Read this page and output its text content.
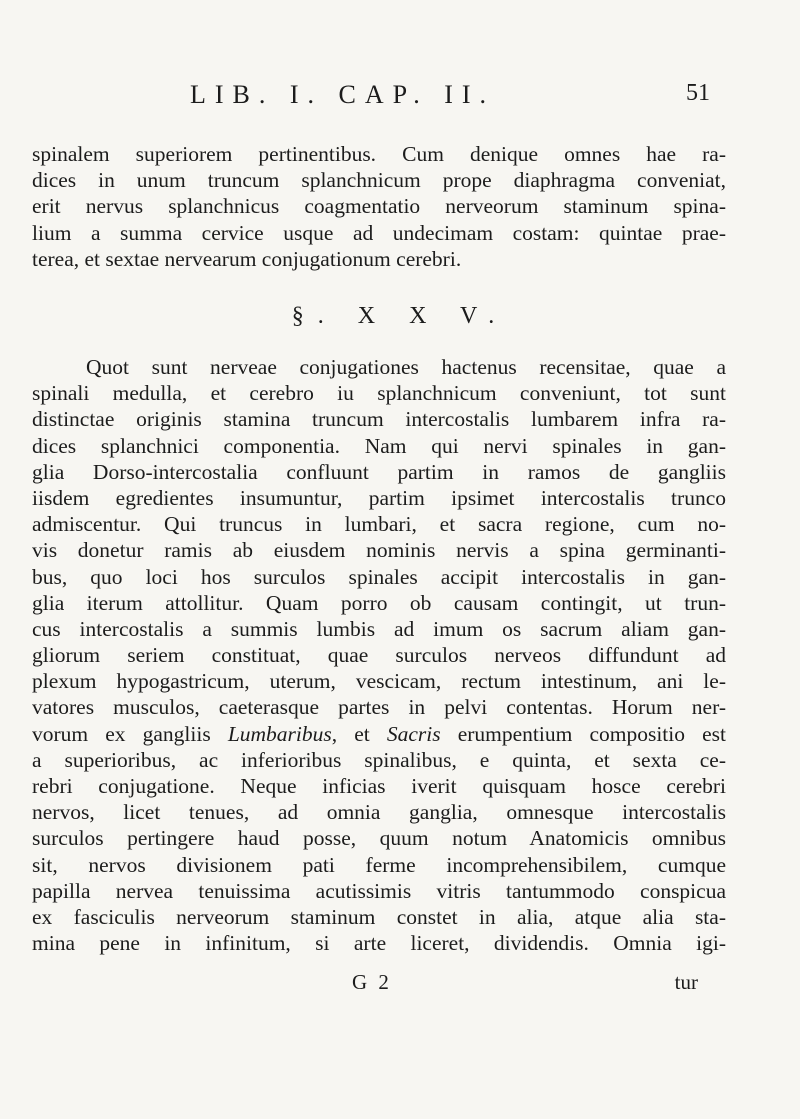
LIB. I. CAP. II.	51
spinalem superiorem pertinentibus. Cum denique omnes hae ra-
dices in unum truncum splanchnicum prope diaphragma conveniat,
erit nervus splanchnicus coagmentatio nerveorum staminum spina-
lium a summa cervice usque ad undecimam costam: quintae prae-
terea, et sextae nervearum conjugationum cerebri.
§. X X V.
Quot sunt nerveae conjugationes hactenus recensitae, quae a
spinali medulla, et cerebro iu splanchnicum conveniunt, tot sunt
distinctae originis stamina truncum intercostalis lumbarem infra ra-
dices splanchnici componentia. Nam qui nervi spinales in gan-
glia Dorso-intercostalia confluunt partim in ramos de gangliis
iisdem egredientes insumuntur, partim ipsimet intercostalis trunco
admiscentur. Qui truncus in lumbari, et sacra regione, cum no-
vis donetur ramis ab eiusdem nominis nervis a spina germinanti-
bus, quo loci hos surculos spinales accipit intercostalis in gan-
glia iterum attollitur. Quam porro ob causam contingit, ut trun-
cus intercostalis a summis lumbis ad imum os sacrum aliam gan-
gliorum seriem constituat, quae surculos nerveos diffundunt ad
plexum hypogastricum, uterum, vescicam, rectum intestinum, ani le-
vatores musculos, caeterasque partes in pelvi contentas. Horum ner-
vorum ex gangliis Lumbaribus, et Sacris erumpentium compositio est
a superioribus, ac inferioribus spinalibus, e quinta, et sexta ce-
rebri conjugatione. Neque inficias iverit quisquam hosce cerebri
nervos, licet tenues, ad omnia ganglia, omnesque intercostalis
surculos pertingere haud posse, quum notum Anatomicis omnibus
sit, nervos divisionem pati ferme incomprehensibilem, cumque
papilla nervea tenuissima acutissimis vitris tantummodo conspicua
ex fasciculis nerveorum staminum constet in alia, atque alia sta-
mina pene in infinitum, si arte liceret, dividendis. Omnia igi-
G 2	tur
